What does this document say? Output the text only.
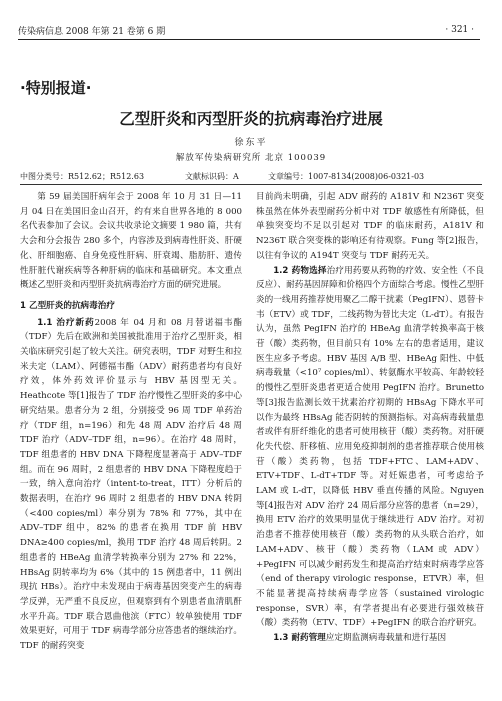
传染病信息 2008 年第 21 卷第 6 期	· 321 ·
·特别报道·
乙型肝炎和丙型肝炎的抗病毒治疗进展
徐东平
解放军传染病研究所 北京 100039
中图分类号：R512.62；R512.63	文献标识码：A	文章编号：1007-8134(2008)06-0321-03

第 59 届美国肝病年会于 2008 年 10 月 31 日—11 月 04 日在美国旧金山召开，约有来自世界各地的 8 000 名代表参加了会议。会议共收录论文摘要 1 980 篇，共有大会和分会报告 280 多个，内容涉及到病毒性肝炎、肝硬化、肝细胞癌、自身免疫性肝病、肝衰竭、脂肪肝、遗传性肝脏代谢疾病等各种肝病的临床和基础研究。本文重点概述乙型肝炎和丙型肝炎抗病毒治疗方面的研究进展。

1 乙型肝炎的抗病毒治疗

1.1 治疗新药2008 年 04 月和 08 月替诺福韦酯（TDF）先后在欧洲和美国被批准用于治疗乙型肝炎，相关临床研究引起了较大关注。研究表明，TDF 对野生和拉米夫定（LAM）、阿德福韦酯（ADV）耐药患者均有良好疗效，体外药效评价显示与 HBV 基因型无关。Heathcote 等[1]报告了 TDF 治疗慢性乙型肝炎的多中心研究结果。患者分为 2 组，分别接受 96 周 TDF 单药治疗（TDF 组，n=196）和先 48 周 ADV 治疗后 48 周 TDF 治疗（ADV–TDF 组，n=96）。在治疗 48 周时，TDF 组患者的 HBV DNA 下降程度显著高于 ADV–TDF 组。而在 96 周时，2 组患者的 HBV DNA 下降程度趋于一致，纳入意向治疗（intent-to-treat，ITT）分析后的数据表明，在治疗 96 周时 2 组患者的 HBV DNA 转阴（<400 copies/ml）率分别为 78% 和 77%，其中在 ADV–TDF 组中，82% 的患者在换用 TDF 前 HBV DNA≥400 copies/ml，换用 TDF 治疗 48 周后转阴。2 组患者的 HBeAg 血清学转换率分别为 27% 和 22%，HBsAg 阴转率均为 6%（其中的 15 例患者中，11 例出现抗 HBs）。治疗中未发现由于病毒基因突变产生的病毒学反弹，无严重不良反应，但观察到有个别患者血清肌酐水平升高。TDF 联合恩曲他滨（FTC）较单独使用 TDF 效果更好，可用于 TDF 病毒学部分应答患者的继续治疗。TDF 的耐药突变

目前尚未明确，引起 ADV 耐药的 A181V 和 N236T 突变株虽然在体外表型耐药分析中对 TDF 敏感性有所降低，但单独突变均不足以引起对 TDF 的临床耐药，A181V 和 N236T 联合突变株的影响还有待观察。Fung 等[2]报告，以往有争议的 A194T 突变与 TDF 耐药无关。

1.2 药物选择治疗用药要从药物的疗效、安全性（不良反应）、耐药基因屏障和价格四个方面综合考虑。慢性乙型肝炎的一线用药推荐使用聚乙二醇干扰素（PegIFN）、恩替卡韦（ETV）或 TDF，二线药物为替比夫定（L-dT）。有报告认为，虽然 PegIFN 治疗的 HBeAg 血清学转换率高于核苷（酸）类药物，但目前只有 10% 左右的患者适用，建议医生应多予考虑。HBV 基因 A/B 型、HBeAg 阳性、中低病毒载量（<10⁷ copies/ml）、转氨酶水平较高、年龄较轻的慢性乙型肝炎患者更适合使用 PegIFN 治疗。Brunetto 等[3]报告监测长效干扰素治疗初期的 HBsAg 下降水平可以作为最终 HBsAg 能否阴转的预测指标。对高病毒载量患者或伴有肝纤维化的患者可使用核苷（酸）类药物。对肝硬化失代偿、肝移植、应用免疫抑制剂的患者推荐联合使用核苷（酸）类药物，包括 TDF+FTC、LAM+ADV、ETV+TDF、L-dT+TDF 等。对妊娠患者，可考虑给予 LAM 或 L-dT，以降低 HBV 垂直传播的风险。Nguyen 等[4]报告对 ADV 治疗 24 周后部分应答的患者（n=29），换用 ETV 治疗的效果明显优于继续进行 ADV 治疗。对初治患者不推荐使用核苷（酸）类药物的从头联合治疗，如 LAM+ADV、核苷（酸）类药物（LAM 或 ADV）+PegIFN 可以减少耐药发生和提高治疗结束时病毒学应答（end of therapy virologic response，ETVR）率，但不能显著提高持续病毒学应答（sustained virologic response，SVR）率，有学者提出有必要进行强效核苷（酸）类药物（ETV、TDF）+PegIFN 的联合治疗研究。

1.3 耐药管理应定期监测病毒载量和进行基因
